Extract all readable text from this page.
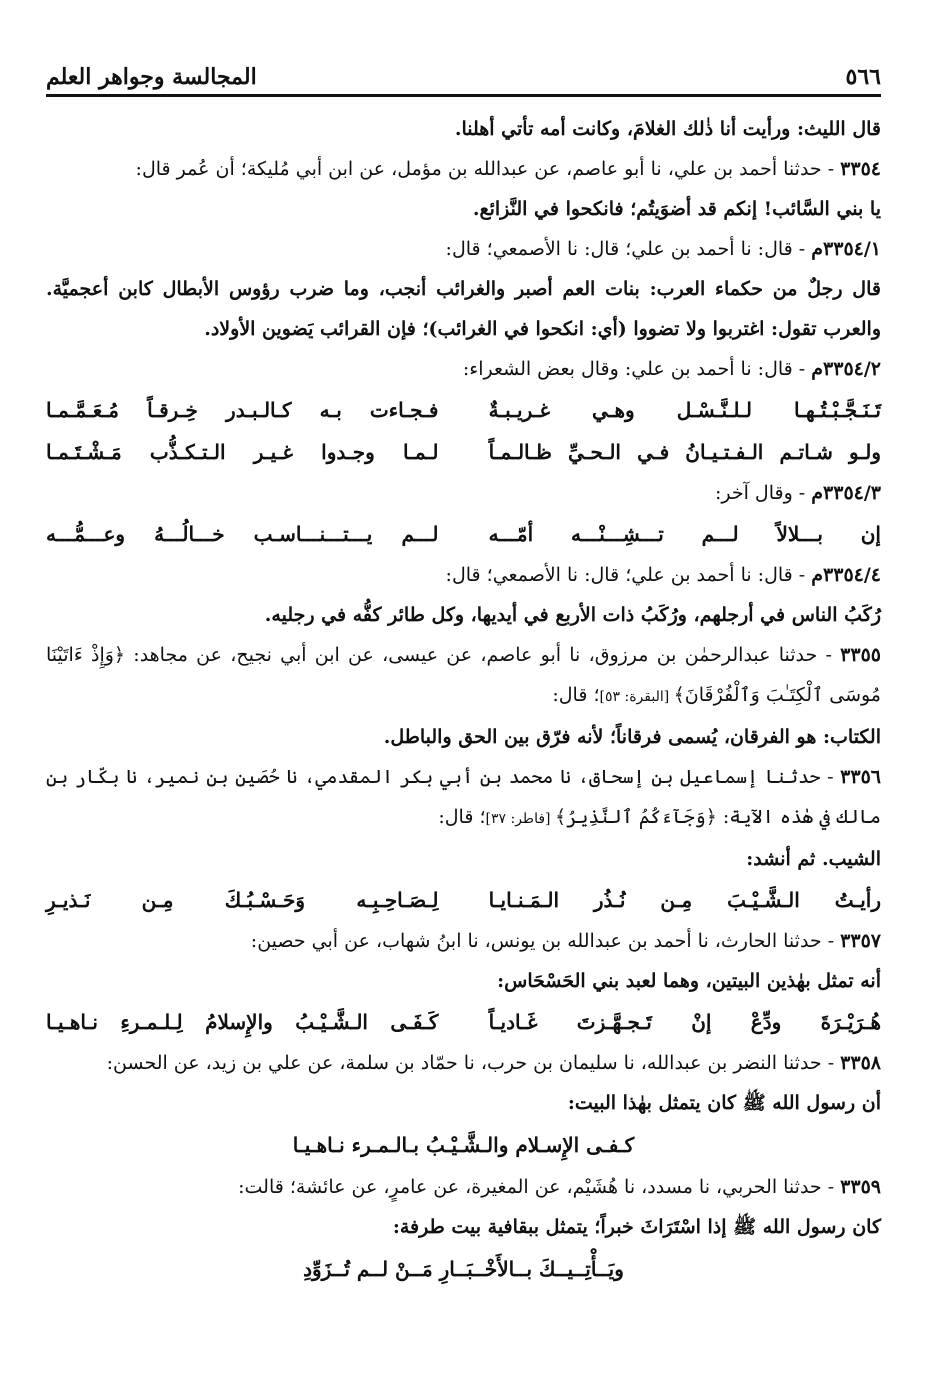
٥٦٦
المجالسة وجواهر العلم

قال الليث: ورأيت أنا ذٰلك الغلامَ، وكانت أمه تأتي أهلنا.

٣٣٥٤ - حدثنا أحمد بن علي، نا أبو عاصم، عن عبدالله بن مؤمل، عن ابن أبي مُليكة؛ أن عُمر قال:

يا بني السَّائب! إنكم قد أضوَيتُم؛ فانكحوا في النَّزائع.

٣٣٥٤/١م - قال: نا أحمد بن علي؛ قال: نا الأصمعي؛ قال:

قال رجلٌ من حكماء العرب: بنات العم أصبر والغرائب أنجب، وما ضرب رؤوس الأبطال كابن أعجميَّة. والعرب تقول: اغتربوا ولا تضووا (أي: انكحوا في الغرائب)؛ فإن القرائب يَضوين الأولاد.

٣٣٥٤/٢م - قال: نا أحمد بن علي: وقال بعض الشعراء:

تَـنَـجَّـبْـتُـهـا لـلـنَّـسْـل وهـي غـريـبـةٌ
فـجـاءت بـه كـالـبـدر خِـرقـاً مُـعَـمَّـمـا
ولـو شـاتـم الـفـتـيـانُ فـي الـحـيِّ ظـالـمـاً
لـمـا وجـدوا غـيـر الـتـكـذُّب مَـشْـتَـمـا

٣٣٥٤/٣م - وقال آخر:

إن بـــلالاً لـــم تـــشِـــنْـــه أمّـــه
لـــم يـــتـــنـــاسـب خـــالُـــهُ وعـــمُّـــه

٣٣٥٤/٤م - قال: نا أحمد بن علي؛ قال: نا الأصمعي؛ قال:

رُكَبُ الناس في أرجلهم، ورُكَبُ ذات الأربع في أيديها، وكل طائر كفُّه في رجليه.

٣٣٥٥ - حدثنا عبدالرحمٰن بن مرزوق، نا أبو عاصم، عن عيسى، عن ابن أبي نجيح، عن مجاهد: ﴿وَإِذْ ءَاتَيْنَا مُوسَى ٱلْكِتَـٰبَ وَٱلْفُرْقَانَ﴾ [البقرة: ٥٣]؛ قال:

الكتاب: هو الفرقان، يُسمى فرقاناً؛ لأنه فرّق بين الحق والباطل.

٣٣٥٦ - حدثنا إسماعيل بن إسحاق، نا محمد بن أبي بكر المقدمي، نا حُصَين بن نمير، نا بكّار بن مالك في هٰذه الآية: ﴿وَجَآءَكُمُ ٱلنَّذِيرُ﴾ [فاطر: ٣٧]؛ قال:

الشيب. ثم أنشد:

رأيـتُ الـشَّـيْـبَ مِـن نُـذُر الـمَـنـايـا
لِـصَـاحِـبِـه وَحَـسْـبُـكَ مِـن نَـذيـرِ

٣٣٥٧ - حدثنا الحارث، نا أحمد بن عبدالله بن يونس، نا ابنُ شهاب، عن أبي حصين:

أنه تمثل بهٰذين البيتين، وهما لعبد بني الحَسْحَاس:

هُـرَيْـرَةَ ودِّعْ إنْ تَـجـهَّـزتَ غَـاديـاً
كَـفَـى الـشَّـيْـبُ والإِسلامُ لِـلـمـرءِ نـاهـيـا

٣٣٥٨ - حدثنا النضر بن عبدالله، نا سليمان بن حرب، نا حمّاد بن سلمة، عن علي بن زيد، عن الحسن:

أن رسول الله ﷺ كان يتمثل بهٰذا البيت:

كـفـى الإِسـلام والـشَّـيْـبُ بـالـمـرء نـاهـيـا

٣٣٥٩ - حدثنا الحربي، نا مسدد، نا هُشَيْم، عن المغيرة، عن عامرٍ، عن عائشة؛ قالت:

كان رسول الله ﷺ إذا اسْتَرَاثَ خبراً؛ يتمثل ببقافية بيت طرفة:

ويَــأْتِــيــكَ بــالأَخْــبَــارِ مَــنْ لــم تُــزَوِّدِ
